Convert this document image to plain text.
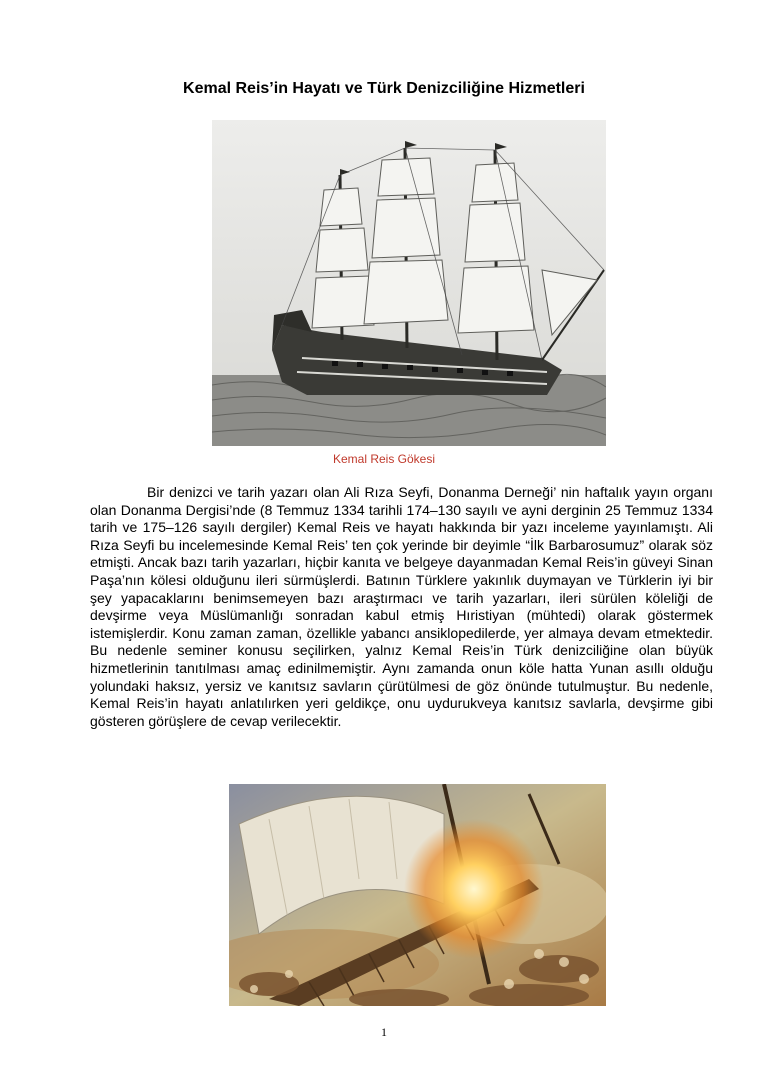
Kemal Reis’in Hayatı ve Türk Denizciliğine Hizmetleri
Kemal Reis Gökesi

Bir denizci ve tarih yazarı olan Ali Rıza Seyfi, Donanma Derneği’ nin haftalık yayın organı olan Donanma Dergisi’nde (8 Temmuz 1334 tarihli 174–130 sayılı ve ayni derginin 25 Temmuz 1334 tarih ve 175–126 sayılı dergiler) Kemal Reis ve hayatı hakkında bir yazı inceleme yayınlamıştı. Ali Rıza Seyfi bu incelemesinde Kemal Reis’ ten çok yerinde bir deyimle “İlk Barbarosumuz” olarak söz etmişti. Ancak bazı tarih yazarları, hiçbir kanıta ve belgeye dayanmadan Kemal Reis’in güveyi Sinan Paşa’nın kölesi olduğunu ileri sürmüşlerdi. Batının Türklere yakınlık duymayan ve Türklerin iyi bir şey yapacaklarını benimsemeyen bazı araştırmacı ve tarih yazarları, ileri sürülen köleliği de devşirme veya Müslümanlığı sonradan kabul etmiş Hıristiyan (mühtedi) olarak göstermek istemişlerdir. Konu zaman zaman, özellikle yabancı ansiklopedilerde, yer almaya devam etmektedir. Bu nedenle seminer konusu seçilirken, yalnız Kemal Reis’in Türk denizciliğine olan büyük hizmetlerinin tanıtılması amaç edinilmemiştir. Aynı zamanda onun köle hatta Yunan asıllı olduğu yolundaki haksız, yersiz ve kanıtsız savların çürütülmesi de göz önünde tutulmuştur. Bu nedenle, Kemal Reis’in hayatı anlatılırken yeri geldikçe, onu uydurukveya kanıtsız savlarla, devşirme gibi gösteren görüşlere de cevap verilecektir.

1
